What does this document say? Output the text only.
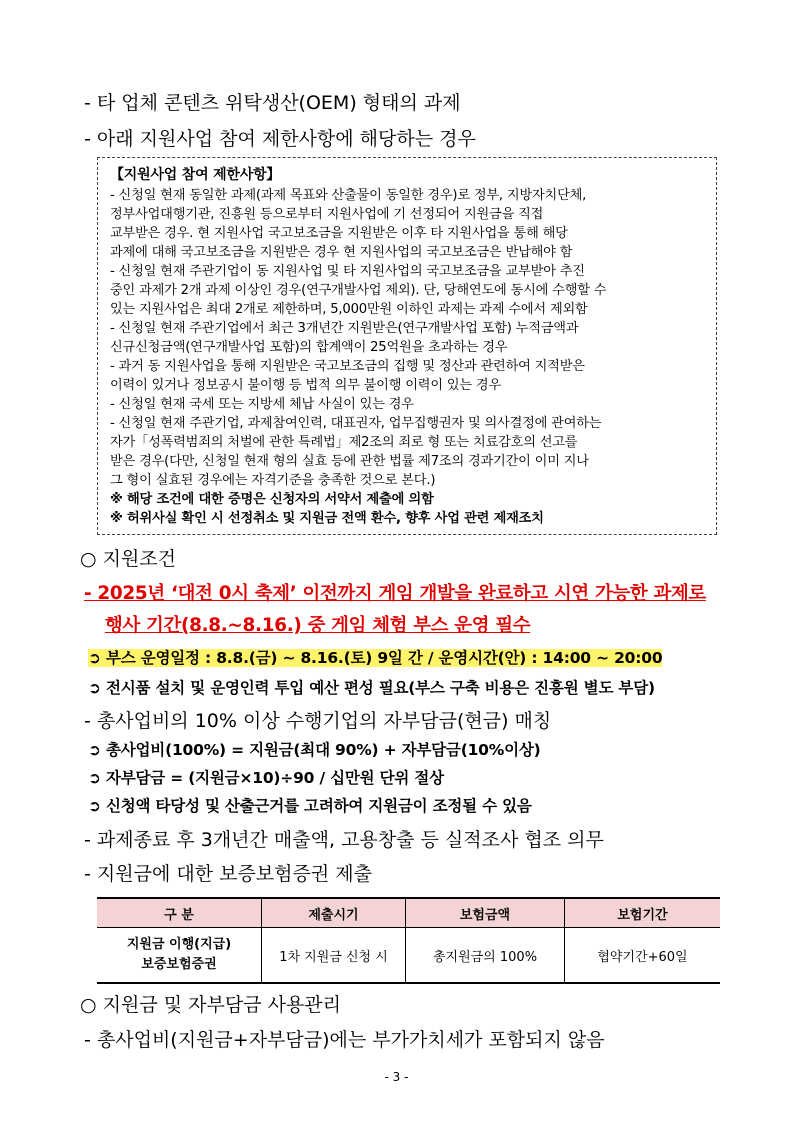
- 타 업체 콘텐츠 위탁생산(OEM) 형태의 과제
- 아래 지원사업 참여 제한사항에 해당하는 경우
【지원사업 참여 제한사항】
- 신청일 현재 동일한 과제(과제 목표와 산출물이 동일한 경우)로 정부, 지방자치단체,
정부사업대행기관, 진흥원 등으로부터 지원사업에 기 선정되어 지원금을 직접
교부받은 경우. 현 지원사업 국고보조금을 지원받은 이후 타 지원사업을 통해 해당
과제에 대해 국고보조금을 지원받은 경우 현 지원사업의 국고보조금은 반납해야 함
- 신청일 현재 주관기업이 동 지원사업 및 타 지원사업의 국고보조금을 교부받아 추진
중인 과제가 2개 과제 이상인 경우(연구개발사업 제외). 단, 당해연도에 동시에 수행할 수
있는 지원사업은 최대 2개로 제한하며, 5,000만원 이하인 과제는 과제 수에서 제외함
- 신청일 현재 주관기업에서 최근 3개년간 지원받은(연구개발사업 포함) 누적금액과
신규신청금액(연구개발사업 포함)의 합계액이 25억원을 초과하는 경우
- 과거 동 지원사업을 통해 지원받은 국고보조금의 집행 및 정산과 관련하여 지적받은
이력이 있거나 정보공시 불이행 등 법적 의무 불이행 이력이 있는 경우
- 신청일 현재 국세 또는 지방세 체납 사실이 있는 경우
- 신청일 현재 주관기업, 과제참여인력, 대표권자, 업무집행권자 및 의사결정에 관여하는
자가「성폭력범죄의 처벌에 관한 특례법」제2조의 죄로 형 또는 치료감호의 선고를
받은 경우(다만, 신청일 현재 형의 실효 등에 관한 법률 제7조의 경과기간이 이미 지나
그 형이 실효된 경우에는 자격기준을 충족한 것으로 본다.)
※ 해당 조건에 대한 증명은 신청자의 서약서 제출에 의함
※ 허위사실 확인 시 선정취소 및 지원금 전액 환수, 향후 사업 관련 제재조치
○ 지원조건
- 2025년 ‘대전 0시 축제’ 이전까지 게임 개발을 완료하고 시연 가능한 과제로
행사 기간(8.8.~8.16.) 중 게임 체험 부스 운영 필수
➲ 부스 운영일정 : 8.8.(금) ~ 8.16.(토) 9일 간 / 운영시간(안) : 14:00 ~ 20:00
➲ 전시품 설치 및 운영인력 투입 예산 편성 필요(부스 구축 비용은 진흥원 별도 부담)
- 총사업비의 10% 이상 수행기업의 자부담금(현금) 매칭
➲ 총사업비(100%) = 지원금(최대 90%) + 자부담금(10%이상)
➲ 자부담금 = (지원금×10)÷90 / 십만원 단위 절상
➲ 신청액 타당성 및 산출근거를 고려하여 지원금이 조정될 수 있음
- 과제종료 후 3개년간 매출액, 고용창출 등 실적조사 협조 의무
- 지원금에 대한 보증보험증권 제출
구 분	제출시기	보험금액	보험기간
지원금 이행(지급)
보증보험증권	1차 지원금 신청 시	총지원금의 100%	협약기간+60일
○ 지원금 및 자부담금 사용관리
- 총사업비(지원금+자부담금)에는 부가가치세가 포함되지 않음
- 3 -
